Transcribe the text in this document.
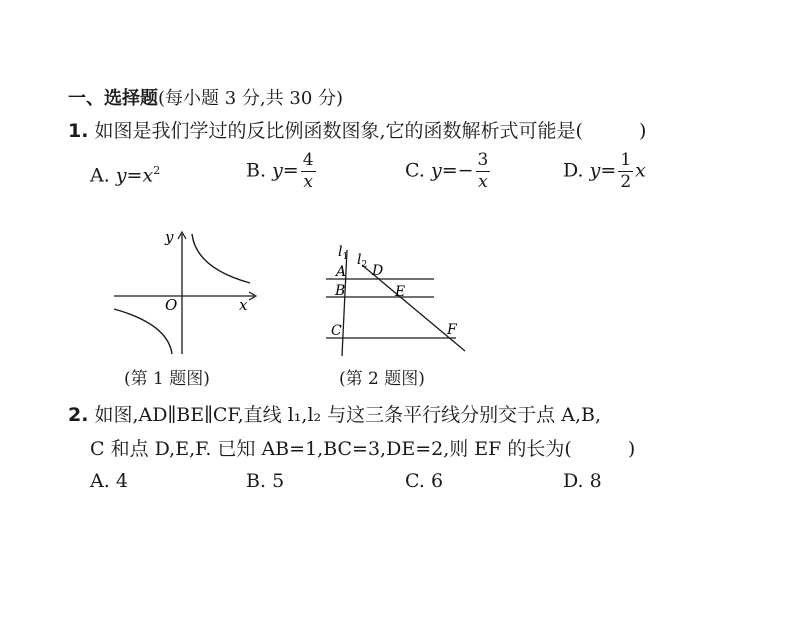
一、选择题(每小题 3 分,共 30 分)
1. 如图是我们学过的反比例函数图象,它的函数解析式可能是(	)
A. $y=x^2$	B. $y= \frac{4}{x}$	C. $y=- \frac{3}{x}$	D. $y= \frac{1}{2}$ x
y
x
O
(第 1 题图)
$l_1$ $l_2$
A D
B	E
C	F
(第 2 题图)
2. 如图,AD∥BE∥CF,直线 l₁,l₂ 与这三条平行线分别交于点 A,B,
C 和点 D,E,F. 已知 AB=1,BC=3,DE=2,则 EF 的长为(	)
A. 4	B. 5	C. 6	D. 8
